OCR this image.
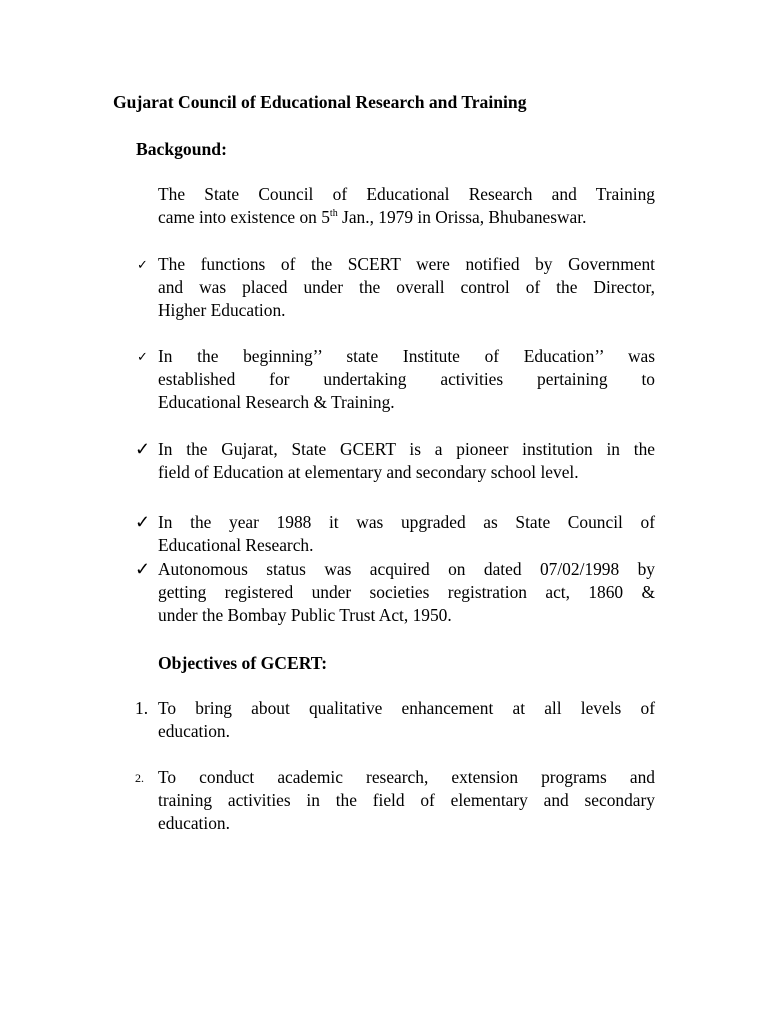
Gujarat Council of Educational Research and Training

Backgound:

The State Council of Educational Research and Training
came into existence on 5th Jan., 1979 in Orissa, Bhubaneswar.
✓ The functions of the SCERT were notified by Government
and was placed under the overall control of the Director,
Higher Education.
✓ In the beginning’’ state Institute of Education’’ was
established for undertaking activities pertaining to
Educational Research & Training.
✓ In the Gujarat, State GCERT is a pioneer institution in the
field of Education at elementary and secondary school level.
✓ In the year 1988 it was upgraded as State Council of
Educational Research.
✓ Autonomous status was acquired on dated 07/02/1998 by
getting registered under societies registration act, 1860 &
under the Bombay Public Trust Act, 1950.

Objectives of GCERT:

1. To bring about qualitative enhancement at all levels of
education.
2. To conduct academic research, extension programs and
training activities in the field of elementary and secondary
education.
